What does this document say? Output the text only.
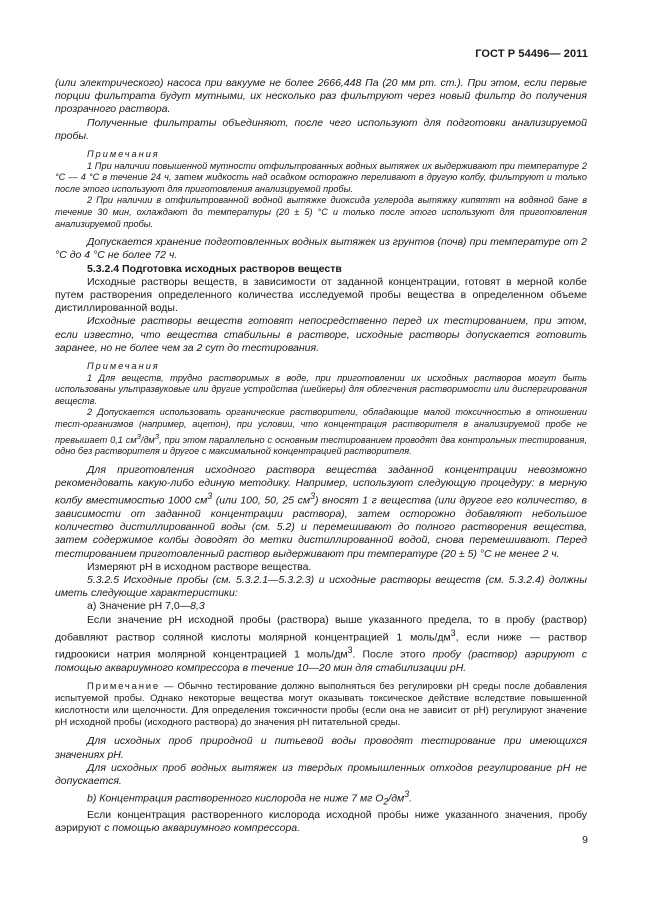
ГОСТ Р 54496— 2011

(или электрического) насоса при вакууме не более 2666,448 Па (20 мм рт. ст.). При этом, если первые порции фильтрата будут мутными, их несколько раз фильтруют через новый фильтр до получения прозрачного раствора.

Полученные фильтраты объединяют, после чего используют для подготовки анализируемой пробы.

Примечания

1 При наличии повышенной мутности отфильтрованных водных вытяжек их выдерживают при температуре 2 °С — 4 °С в течение 24 ч, затем жидкость над осадком осторожно переливают в другую колбу, фильтруют и только после этого используют для приготовления анализируемой пробы.

2 При наличии в отфильтрованной водной вытяжке диоксида углерода вытяжку кипятят на водяной бане в течение 30 мин, охлаждают до температуры (20 ± 5) °С и только после этого используют для приготовления анализируемой пробы.

Допускается хранение подготовленных водных вытяжек из грунтов (почв) при температуре от 2 °С до 4 °С не более 72 ч.

5.3.2.4 Подготовка исходных растворов веществ

Исходные растворы веществ, в зависимости от заданной концентрации, готовят в мерной колбе путем растворения определенного количества исследуемой пробы вещества в определенном объеме дистиллированной воды.

Исходные растворы веществ готовят непосредственно перед их тестированием, при этом, если известно, что вещества стабильны в растворе, исходные растворы допускается готовить заранее, но не более чем за 2 сут до тестирования.

Примечания

1 Для веществ, трудно растворимых в воде, при приготовлении их исходных растворов могут быть использованы ультразвуковые или другие устройства (шейкеры) для облегчения растворимости или диспергирования веществ.

2 Допускается использовать органические растворители, обладающие малой токсичностью в отношении тест-организмов (например, ацетон), при условии, что концентрация растворителя в анализируемой пробе не превышает 0,1 $см^3/дм^3$, при этом параллельно с основным тестированием проводят два контрольных тестирования, одно без растворителя и другое с максимальной концентрацией растворителя.

Для приготовления исходного раствора вещества заданной концентрации невозможно рекомендовать какую-либо единую методику. Например, используют следующую процедуру: в мерную колбу вместимостью 1000 $см^3$ (или 100, 50, 25 $см^3$) вносят 1 г вещества (или другое его количество, в зависимости от заданной концентрации раствора), затем осторожно добавляют небольшое количество дистиллированной воды (см. 5.2) и перемешивают до полного растворения вещества, затем содержимое колбы доводят до метки дистиллированной водой, снова перемешивают. Перед тестированием приготовленный раствор выдерживают при температуре (20 ± 5) °С не менее 2 ч.

Измеряют рН в исходном растворе вещества.

5.3.2.5 Исходные пробы (см. 5.3.2.1—5.3.2.3) и исходные растворы веществ (см. 5.3.2.4) должны иметь следующие характеристики:

а) Значение рН 7,0—8,3

Если значение рН исходной пробы (раствора) выше указанного предела, то в пробу (раствор) добавляют раствор соляной кислоты молярной концентрацией 1 моль/$дм^3$, если ниже — раствор гидроокиси натрия молярной концентрацией 1 моль/$дм^3$. После этого пробу (раствор) аэрируют с помощью аквариумного компрессора в течение 10—20 мин для стабилизации рН.

Примечание — Обычно тестирование должно выполняться без регулировки рН среды после добавления испытуемой пробы. Однако некоторые вещества могут оказывать токсическое действие вследствие повышенной кислотности или щелочности. Для определения токсичности пробы (если она не зависит от рН) регулируют значение рН исходной пробы (исходного раствора) до значения рН питательной среды.

Для исходных проб природной и питьевой воды проводят тестирование при имеющихся значениях рН.

Для исходных проб водных вытяжек из твердых промышленных отходов регулирование рН не допускается.

b) Концентрация растворенного кислорода не ниже 7 мг $О_2/дм^3$.

Если концентрация растворенного кислорода исходной пробы ниже указанного значения, пробу аэрируют с помощью аквариумного компрессора.

9
